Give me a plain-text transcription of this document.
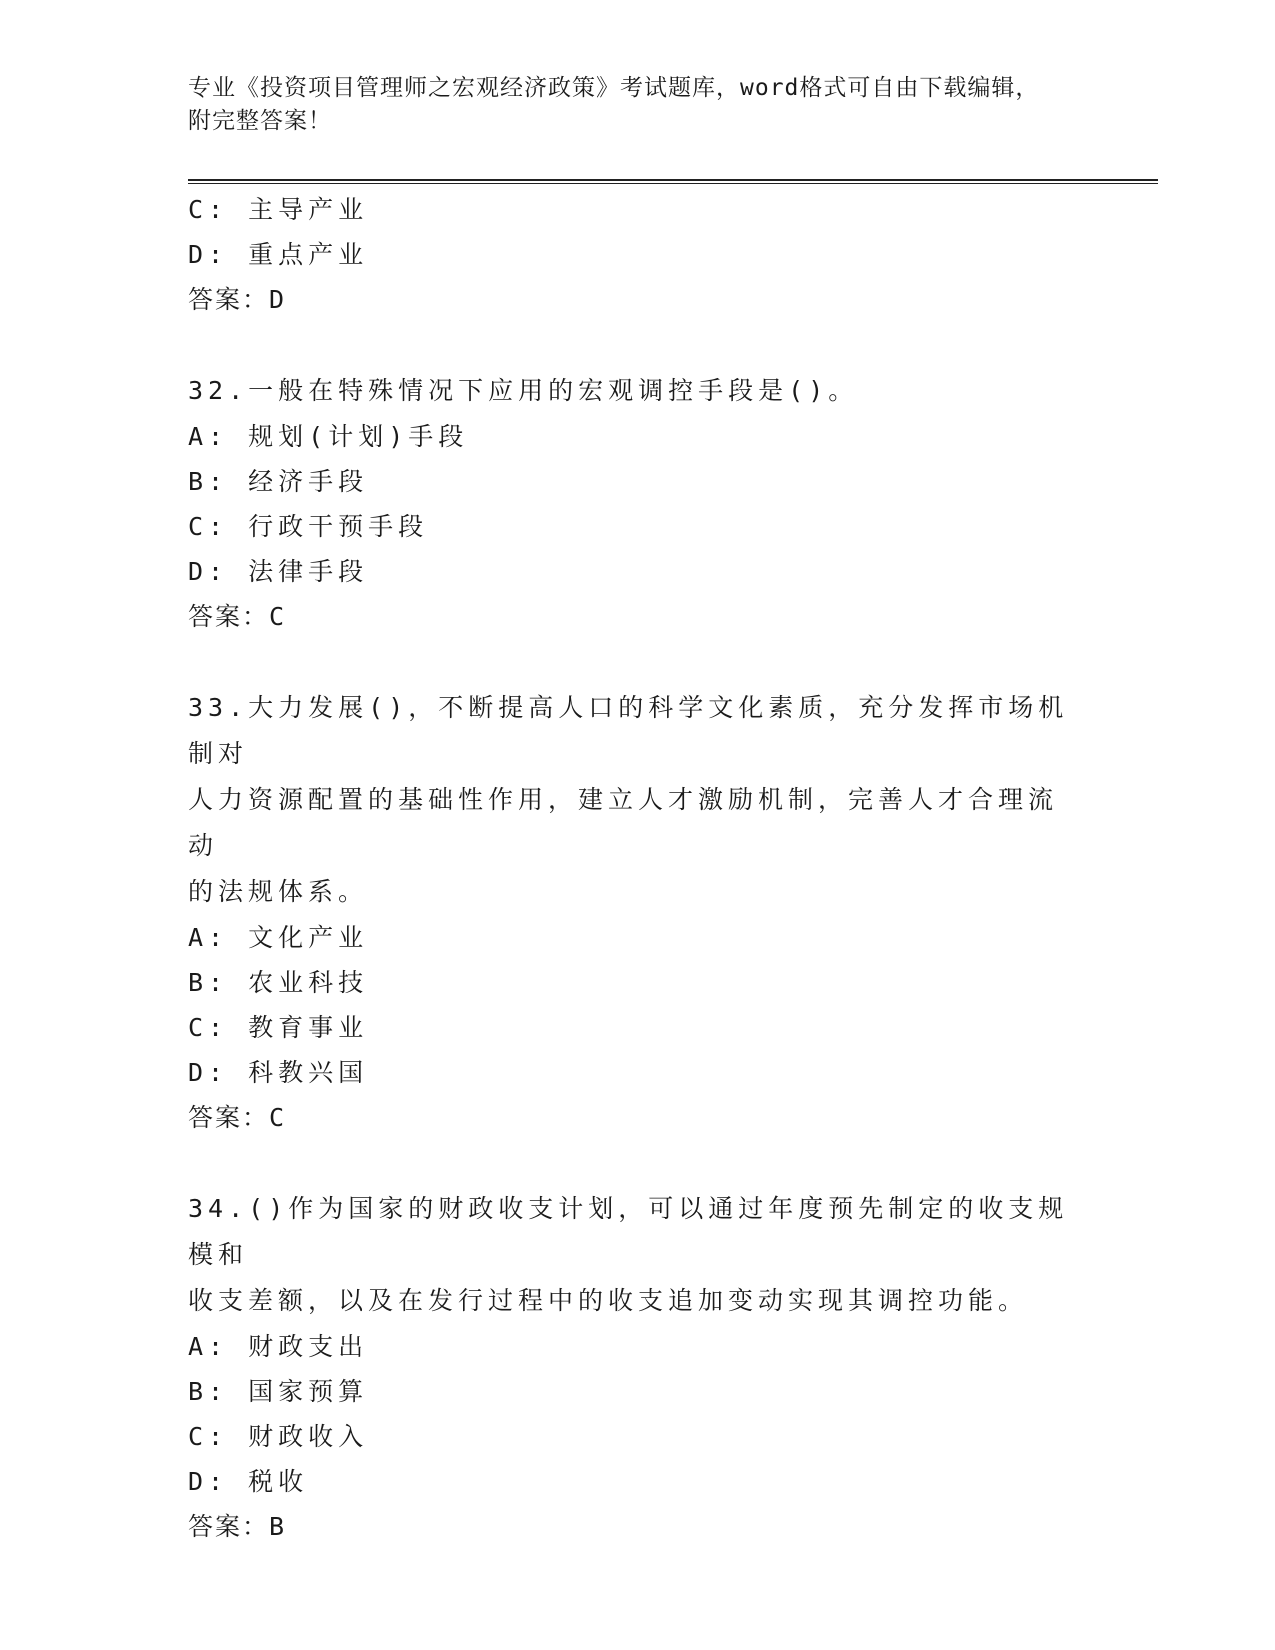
专业《投资项目管理师之宏观经济政策》考试题库，word格式可自由下载编辑，
附完整答案！
C: 主导产业
D: 重点产业
答案：D
32.一般在特殊情况下应用的宏观调控手段是()。
A: 规划(计划)手段
B: 经济手段
C: 行政干预手段
D: 法律手段
答案：C
33.大力发展()，不断提高人口的科学文化素质，充分发挥市场机制对
人力资源配置的基础性作用，建立人才激励机制，完善人才合理流动
的法规体系。
A: 文化产业
B: 农业科技
C: 教育事业
D: 科教兴国
答案：C
34.()作为国家的财政收支计划，可以通过年度预先制定的收支规模和
收支差额，以及在发行过程中的收支追加变动实现其调控功能。
A: 财政支出
B: 国家预算
C: 财政收入
D: 税收
答案：B
